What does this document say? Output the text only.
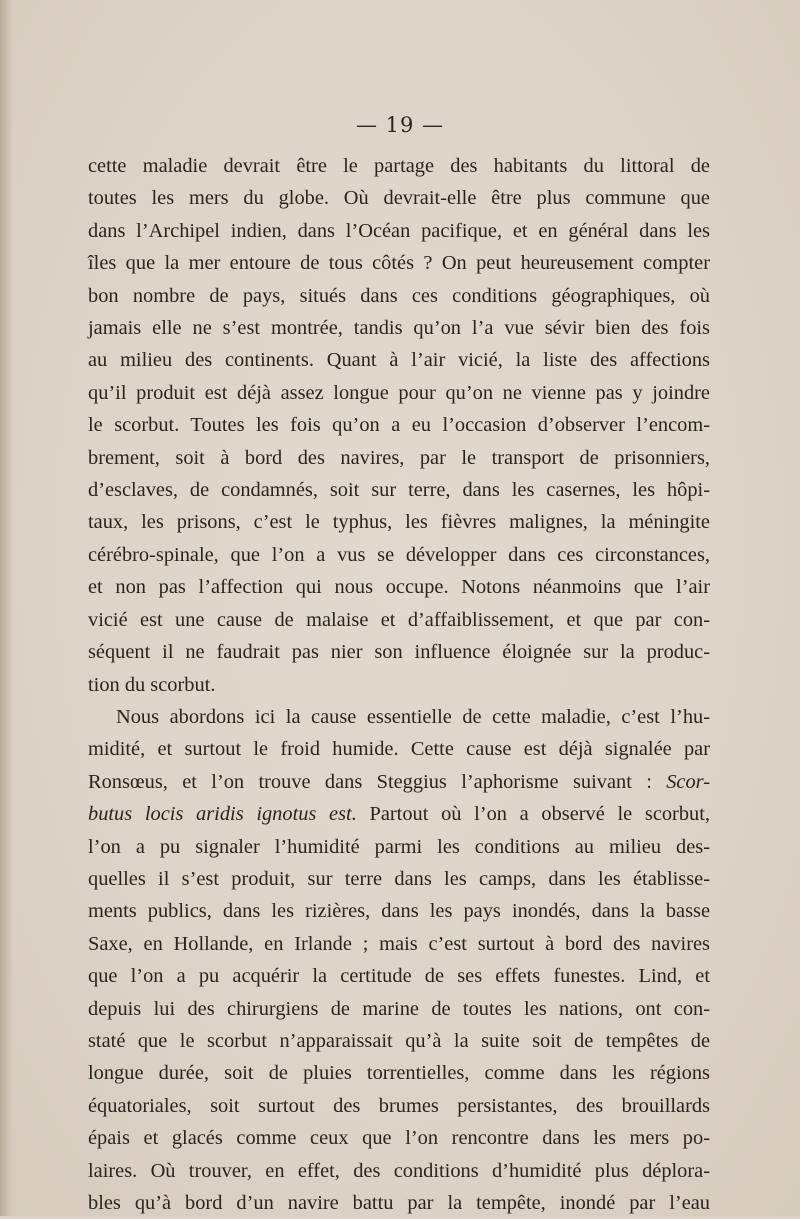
— 19 —
cette maladie devrait être le partage des habitants du littoral de
toutes les mers du globe. Où devrait-elle être plus commune que
dans l’Archipel indien, dans l’Océan pacifique, et en général dans les
îles que la mer entoure de tous côtés ? On peut heureusement compter
bon nombre de pays, situés dans ces conditions géographiques, où
jamais elle ne s’est montrée, tandis qu’on l’a vue sévir bien des fois
au milieu des continents. Quant à l’air vicié, la liste des affections
qu’il produit est déjà assez longue pour qu’on ne vienne pas y joindre
le scorbut. Toutes les fois qu’on a eu l’occasion d’observer l’encom-
brement, soit à bord des navires, par le transport de prisonniers,
d’esclaves, de condamnés, soit sur terre, dans les casernes, les hôpi-
taux, les prisons, c’est le typhus, les fièvres malignes, la méningite
cérébro-spinale, que l’on a vus se développer dans ces circonstances,
et non pas l’affection qui nous occupe. Notons néanmoins que l’air
vicié est une cause de malaise et d’affaiblissement, et que par con-
séquent il ne faudrait pas nier son influence éloignée sur la produc-
tion du scorbut.
Nous abordons ici la cause essentielle de cette maladie, c’est l’hu-
midité, et surtout le froid humide. Cette cause est déjà signalée par
Ronsœus, et l’on trouve dans Steggius l’aphorisme suivant : Scor-
butus locis aridis ignotus est. Partout où l’on a observé le scorbut,
l’on a pu signaler l’humidité parmi les conditions au milieu des-
quelles il s’est produit, sur terre dans les camps, dans les établisse-
ments publics, dans les rizières, dans les pays inondés, dans la basse
Saxe, en Hollande, en Irlande ; mais c’est surtout à bord des navires
que l’on a pu acquérir la certitude de ses effets funestes. Lind, et
depuis lui des chirurgiens de marine de toutes les nations, ont con-
staté que le scorbut n’apparaissait qu’à la suite soit de tempêtes de
longue durée, soit de pluies torrentielles, comme dans les régions
équatoriales, soit surtout des brumes persistantes, des brouillards
épais et glacés comme ceux que l’on rencontre dans les mers po-
laires. Où trouver, en effet, des conditions d’humidité plus déplora-
bles qu’à bord d’un navire battu par la tempête, inondé par l’eau
